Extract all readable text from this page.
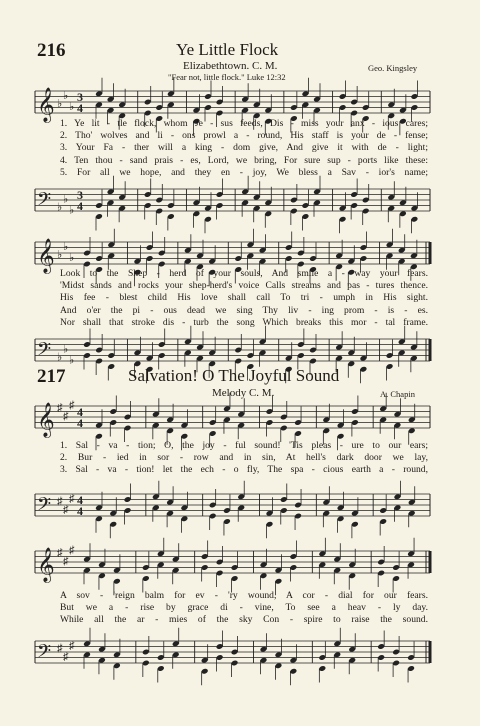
216	Ye Little Flock
Elizabethtown. C. M.
"Fear not, little flock." Luke 12:32
Geo. Kingsley
𝄞 ♭
♭
♭
3
4
1. Ye lit - tle flock, whom Je - sus feeds, Dis - miss your anx - ious cares;
2. Tho' wolves and li - ons prowl a - round, His staff is your de - fense;
3. Your Fa - ther will a king - dom give, And give it with de - light;
4. Ten thou - sand prais - es, Lord, we bring, For sure sup - ports like these:
5. For all we hope, and they en - joy, We bless a Sav - ior's name;
𝄢 ♭
♭
♭
3
4
𝄞 ♭
♭
♭
Look to the Shep - herd of your souls, And smile a - way your fears.
'Midst sands and rocks your shep-herd's voice Calls streams and pas - tures thence.
His fee - blest child His love shall call To tri - umph in His sight.
And o'er the pi - ous dead we sing Thy liv - ing prom - is - es.
Nor shall that stroke dis - turb the song Which breaks this mor - tal frame.
𝄢 ♭
♭
♭
217	Salvation! O The Joyful Sound
Melody C. M.	A. Chapin
𝄞 ♯
♯
♯ 4
4
1. Sal - va - tion; O, the joy - ful sound! 'Tis pleas - ure to our ears;
2. Bur - ied in sor - row and in sin, At hell's dark door we lay,
3. Sal - va - tion! let the ech - o fly, The spa - cious earth a - round,
𝄢 ♯
♯
♯ 4
4
𝄞 ♯
♯
♯
A sov - 'reign balm for ev - 'ry wound, A cor - dial for our fears.
But we a - rise by grace di - vine, To see a heav - ly day.
While all the ar - mies of the sky Con - spire to raise the sound.
𝄢 ♯
♯
♯
